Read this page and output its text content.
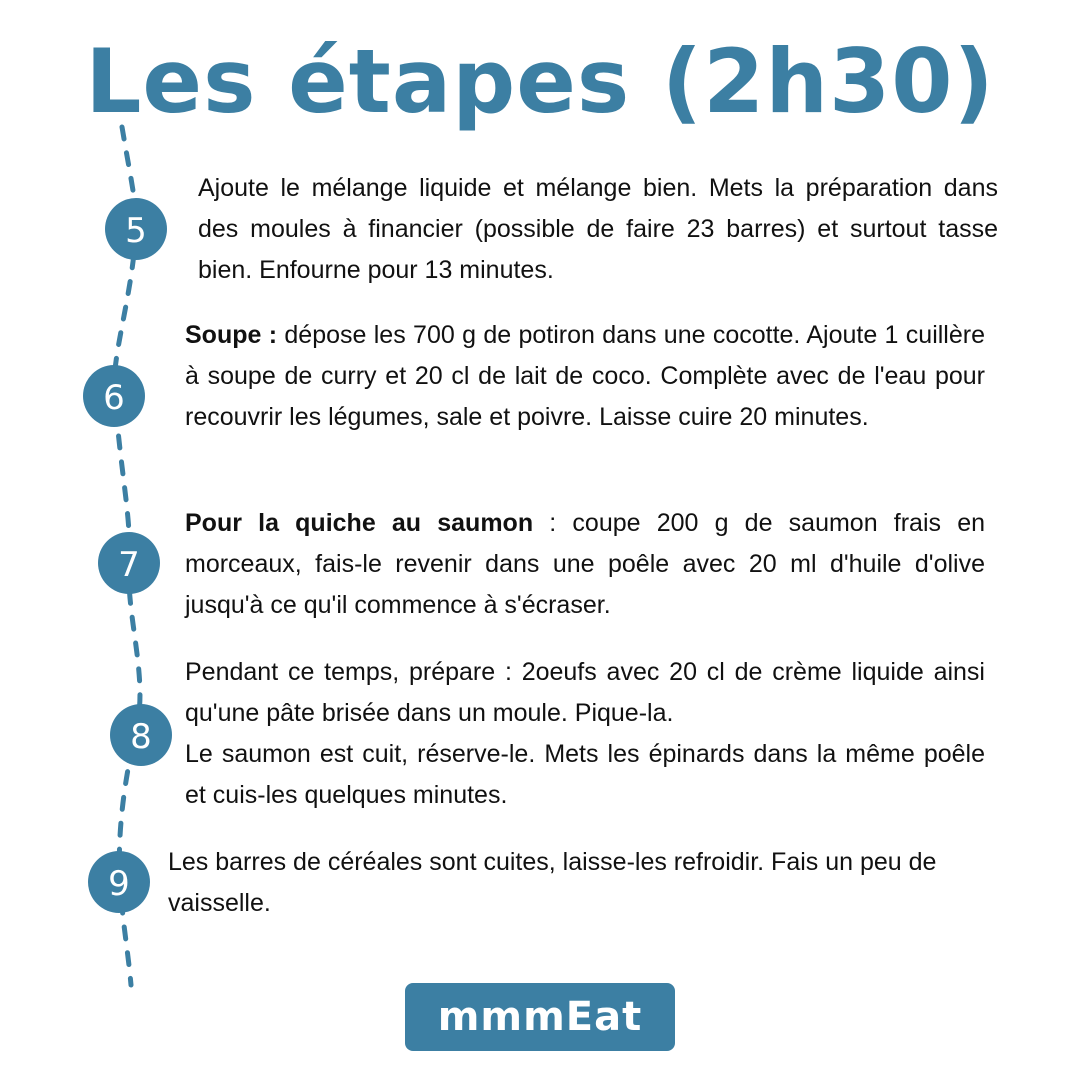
Les étapes (2h30)
5
6
7
8
9

Ajoute le mélange liquide et mélange bien. Mets la préparation dans des moules à financier (possible de faire 23 barres) et surtout tasse bien. Enfourne pour 13 minutes.

Soupe : dépose les 700 g de potiron dans une cocotte. Ajoute 1 cuillère à soupe de curry et 20 cl de lait de coco. Complète avec de l'eau pour recouvrir les légumes, sale et poivre. Laisse cuire 20 minutes.

Pour la quiche au saumon : coupe 200 g de saumon frais en morceaux, fais-le revenir dans une poêle avec 20 ml d'huile d'olive jusqu'à ce qu'il commence à s'écraser.

Pendant ce temps, prépare : 2oeufs avec 20 cl de crème liquide ainsi qu'une pâte brisée dans un moule. Pique-la.
Le saumon est cuit, réserve-le. Mets les épinards dans la même poêle et cuis-les quelques minutes.

Les barres de céréales sont cuites, laisse-les refroidir. Fais un peu de vaisselle.

mmmEat
